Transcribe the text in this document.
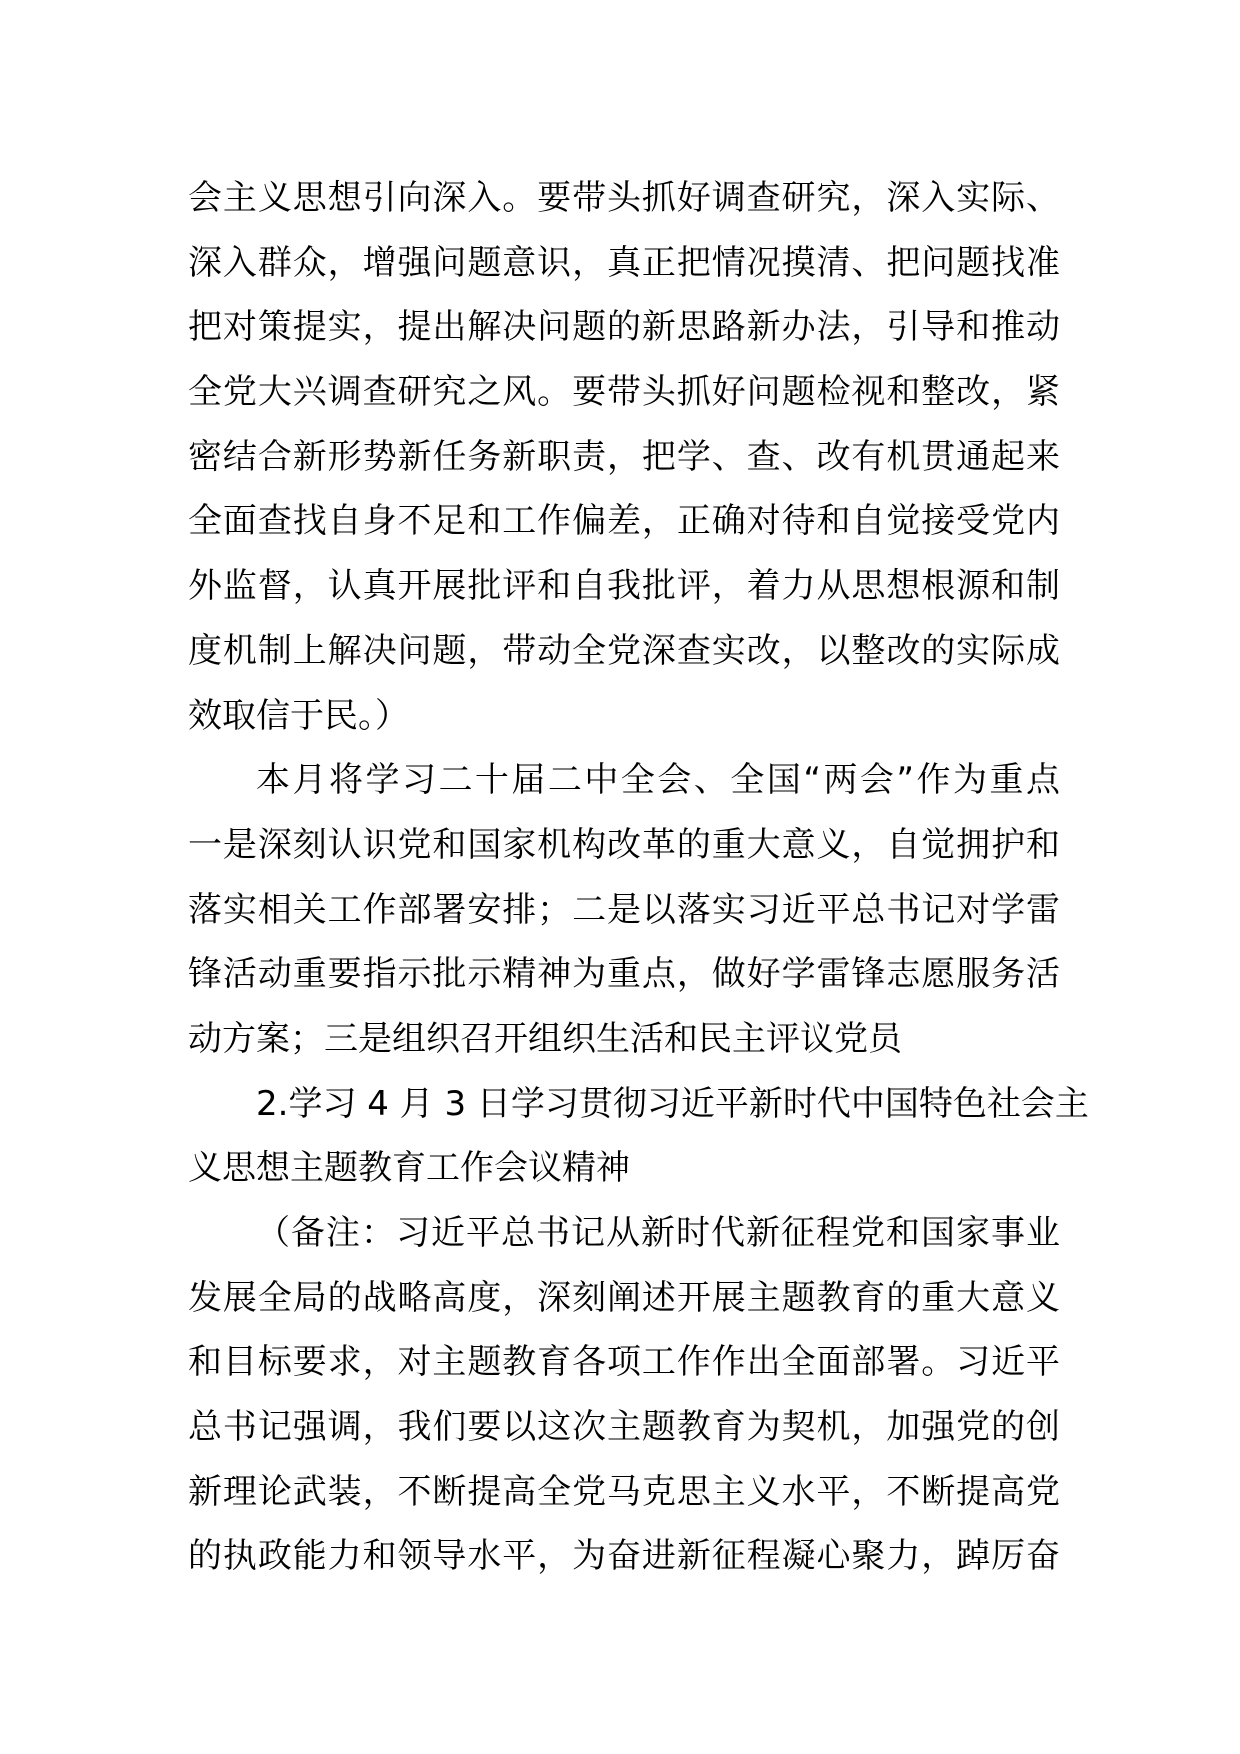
会主义思想引向深入。要带头抓好调查研究，深入实际、
深入群众，增强问题意识，真正把情况摸清、把问题找准
把对策提实，提出解决问题的新思路新办法，引导和推动
全党大兴调查研究之风。要带头抓好问题检视和整改，紧
密结合新形势新任务新职责，把学、查、改有机贯通起来
全面查找自身不足和工作偏差，正确对待和自觉接受党内
外监督，认真开展批评和自我批评，着力从思想根源和制
度机制上解决问题，带动全党深查实改，以整改的实际成
效取信于民。）
本月将学习二十届二中全会、全国“两会”作为重点
一是深刻认识党和国家机构改革的重大意义，自觉拥护和
落实相关工作部署安排；二是以落实习近平总书记对学雷
锋活动重要指示批示精神为重点，做好学雷锋志愿服务活
动方案；三是组织召开组织生活和民主评议党员
2.学习 4 月 3 日学习贯彻习近平新时代中国特色社会主
义思想主题教育工作会议精神
（备注：习近平总书记从新时代新征程党和国家事业
发展全局的战略高度，深刻阐述开展主题教育的重大意义
和目标要求，对主题教育各项工作作出全面部署。习近平
总书记强调，我们要以这次主题教育为契机，加强党的创
新理论武装，不断提高全党马克思主义水平，不断提高党
的执政能力和领导水平，为奋进新征程凝心聚力，踔厉奋
